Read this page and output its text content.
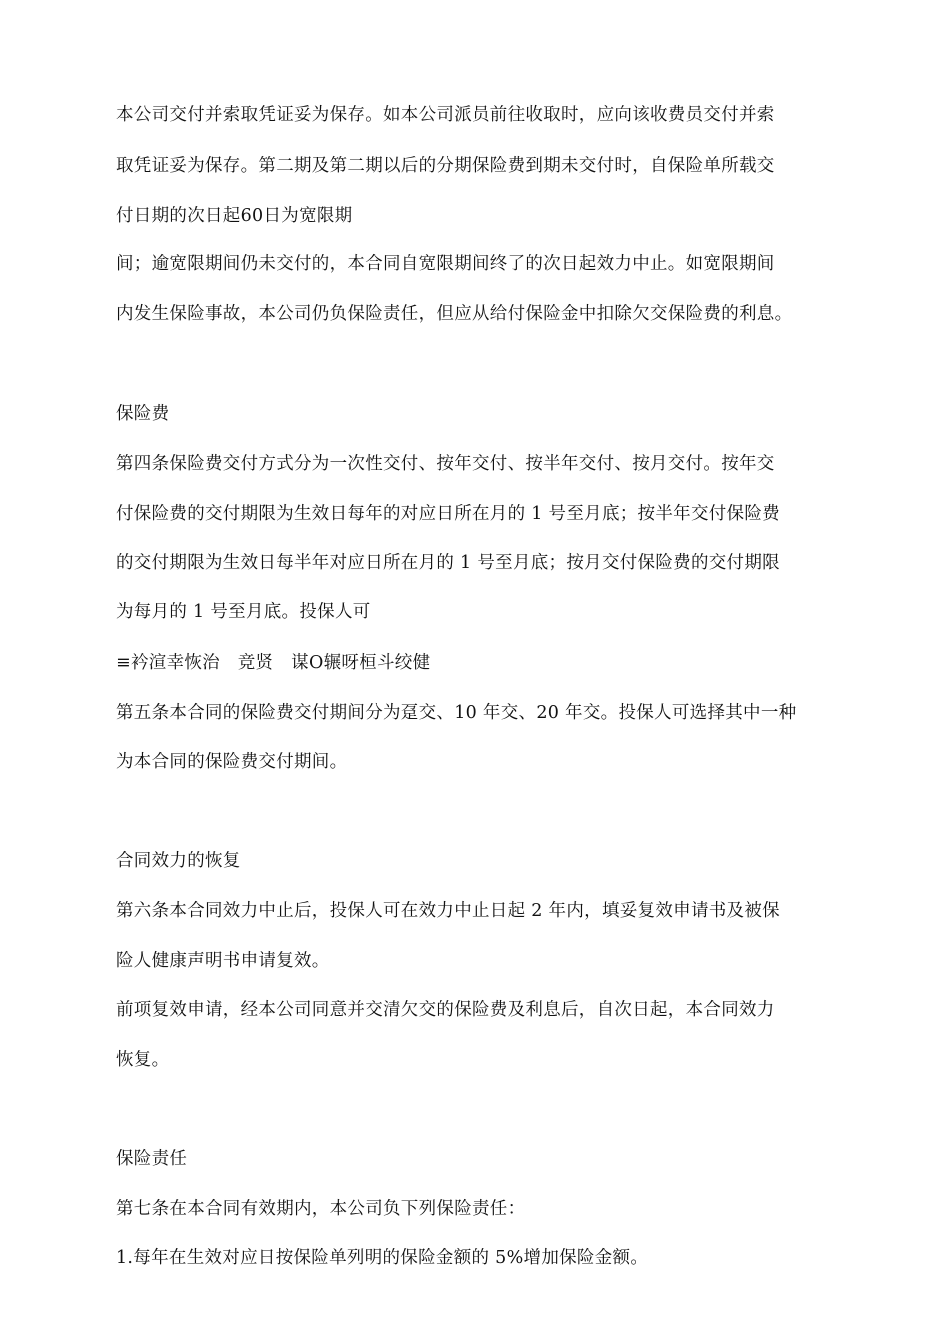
本公司交付并索取凭证妥为保存。如本公司派员前往收取时，应向该收费员交付并索
取凭证妥为保存。第二期及第二期以后的分期保险费到期未交付时，自保险单所载交
付日期的次日起60日为宽限期
间；逾宽限期间仍未交付的，本合同自宽限期间终了的次日起效力中止。如宽限期间
内发生保险事故，本公司仍负保险责任，但应从给付保险金中扣除欠交保险费的利息。
保险费
第四条保险费交付方式分为一次性交付、按年交付、按半年交付、按月交付。按年交
付保险费的交付期限为生效日每年的对应日所在月的 1 号至月底；按半年交付保险费
的交付期限为生效日每半年对应日所在月的 1 号至月底；按月交付保险费的交付期限
为每月的 1 号至月底。投保人可
≡衿渲幸恢治　竞贤　谋O辗呀桓斗绞健
第五条本合同的保险费交付期间分为趸交、10 年交、20 年交。投保人可选择其中一种
为本合同的保险费交付期间。
合同效力的恢复
第六条本合同效力中止后，投保人可在效力中止日起 2 年内，填妥复效申请书及被保
险人健康声明书申请复效。
前项复效申请，经本公司同意并交清欠交的保险费及利息后，自次日起，本合同效力
恢复。
保险责任
第七条在本合同有效期内，本公司负下列保险责任：
1.每年在生效对应日按保险单列明的保险金额的 5%增加保险金额。
